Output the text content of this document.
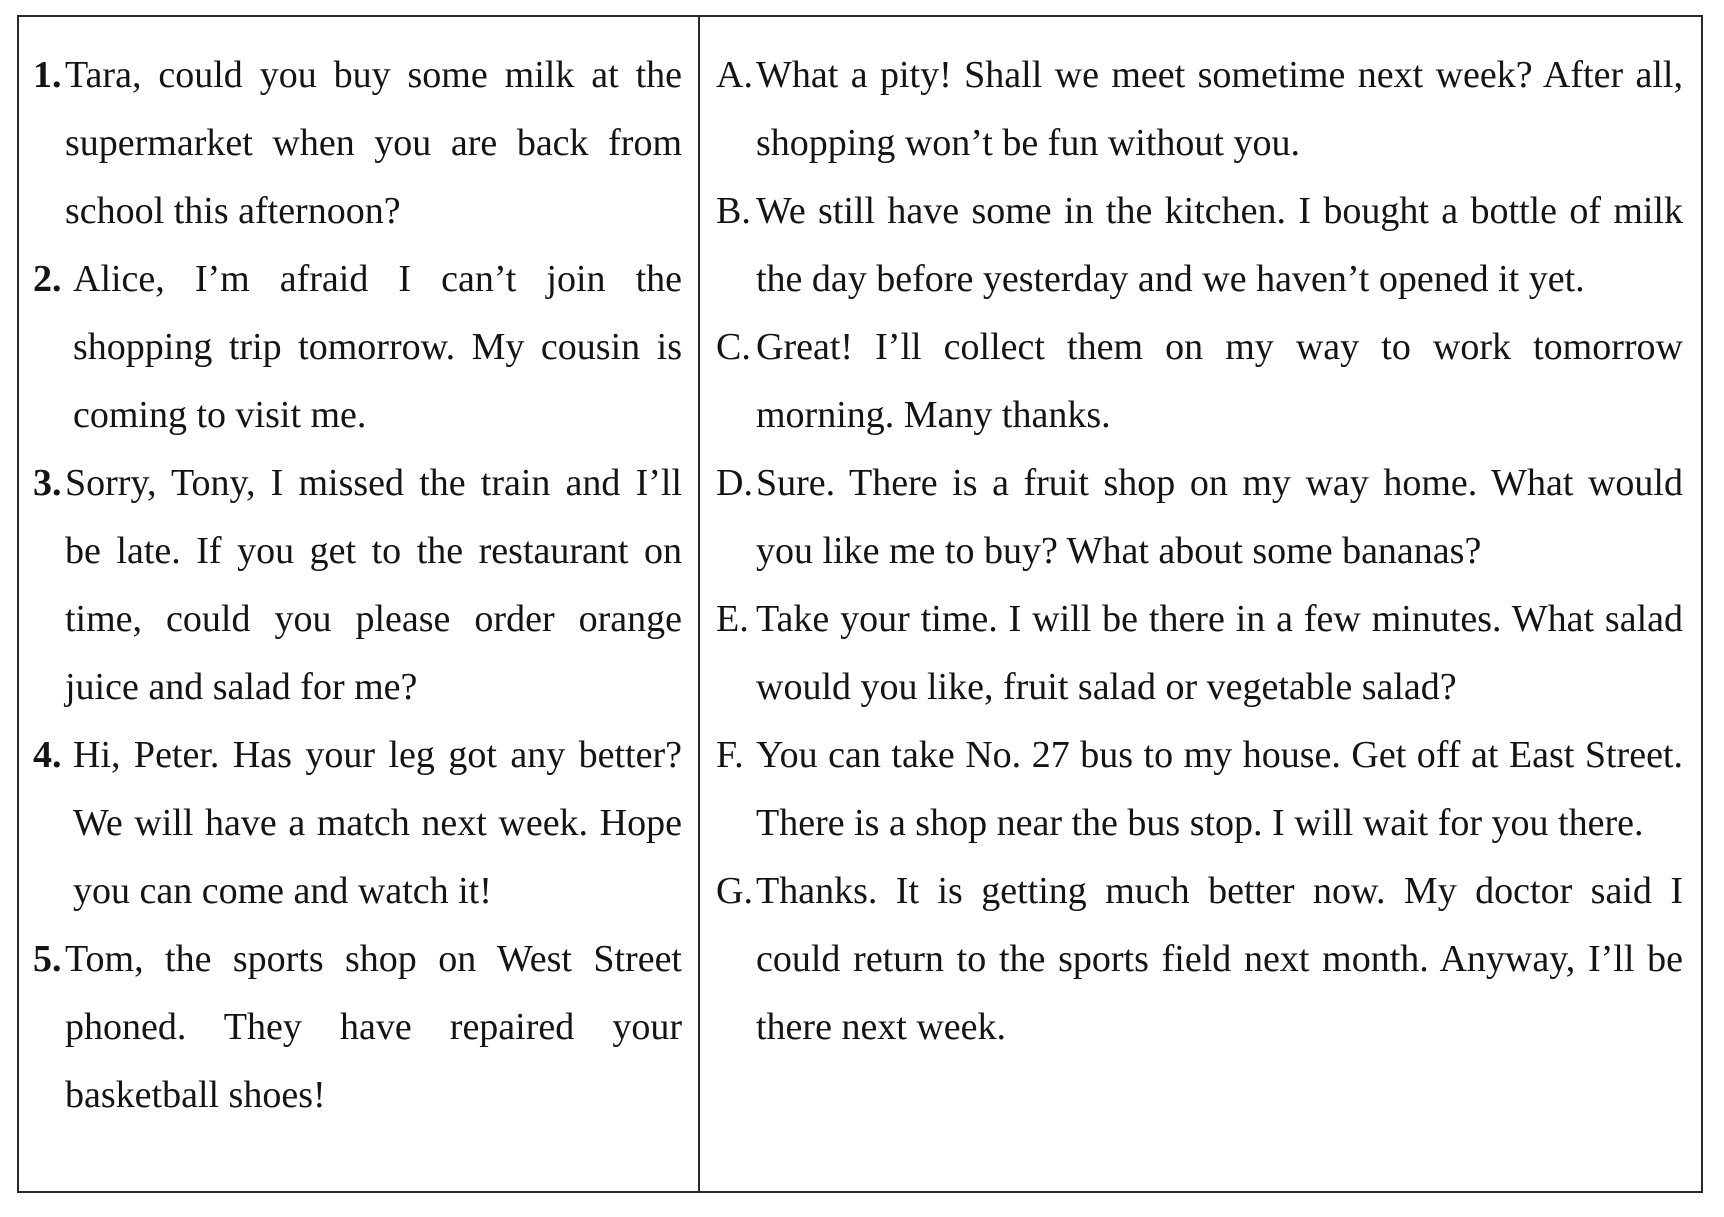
1. Tara, could you buy some milk at the supermarket when you are back from school this afternoon?
2. Alice, I’m afraid I can’t join the shopping trip tomorrow. My cousin is coming to visit me.
3. Sorry, Tony, I missed the train and I’ll be late. If you get to the restaurant on time, could you please order orange juice and salad for me?
4. Hi, Peter. Has your leg got any better? We will have a match next week. Hope you can come and watch it!
5. Tom, the sports shop on West Street phoned. They have repaired your basketball shoes!
A. What a pity! Shall we meet sometime next week? After all, shopping won’t be fun without you.
B. We still have some in the kitchen. I bought a bottle of milk the day before yesterday and we haven’t opened it yet.
C. Great! I’ll collect them on my way to work tomorrow morning. Many thanks.
D. Sure. There is a fruit shop on my way home. What would you like me to buy? What about some bananas?
E. Take your time. I will be there in a few minutes. What salad would you like, fruit salad or vegetable salad?
F. You can take No. 27 bus to my house. Get off at East Street. There is a shop near the bus stop. I will wait for you there.
G. Thanks. It is getting much better now. My doctor said I could return to the sports field next month. Anyway, I’ll be there next week.
